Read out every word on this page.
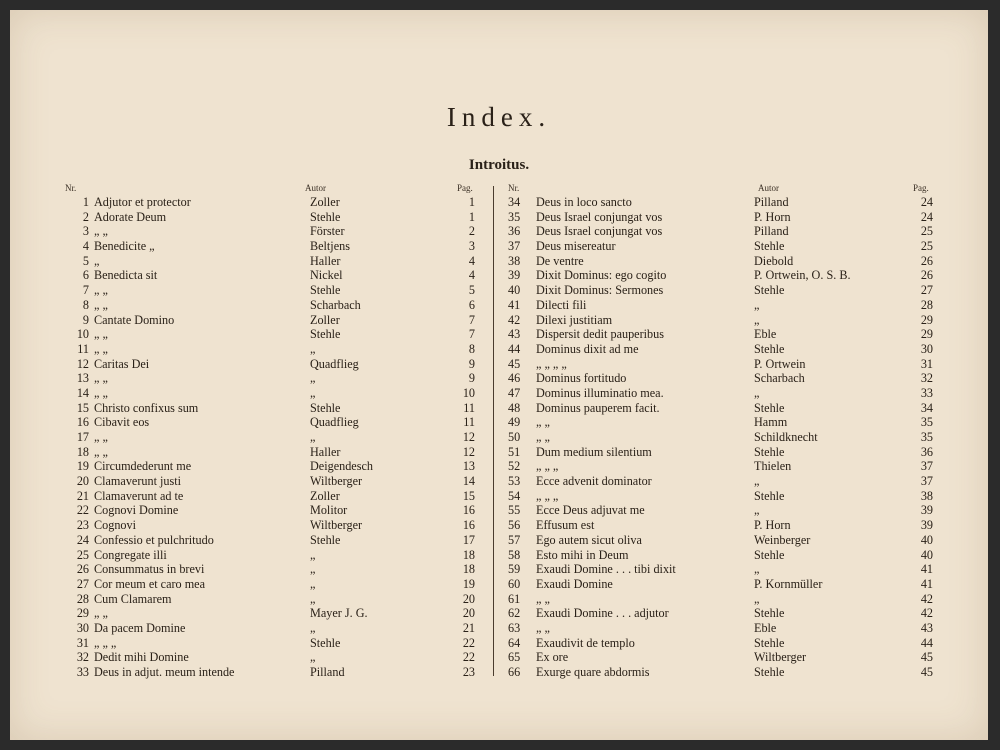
Index.
Introitus.
Nr.	Autor	Pag.
1 Adjutor et protector	Zoller	1
2 Adorate Deum	Stehle	1
3 „ „	Förster	2
4 Benedicite „	Beltjens	3
5 „	Haller	4
6 Benedicta sit	Nickel	4
7 „ „	Stehle	5
8 „ „	Scharbach	6
9 Cantate Domino	Zoller	7
10 „ „	Stehle	7
11 „ „	„	8
12 Caritas Dei	Quadflieg	9
13 „ „	„	9
14 „ „	„	10
15 Christo confixus sum	Stehle	11
16 Cibavit eos	Quadflieg	11
17 „ „	„	12
18 „ „	Haller	12
19 Circumdederunt me	Deigendesch	13
20 Clamaverunt justi	Wiltberger	14
21 Clamaverunt ad te	Zoller	15
22 Cognovi Domine	Molitor	16
23 Cognovi	Wiltberger	16
24 Confessio et pulchritudo	Stehle	17
25 Congregate illi	„	18
26 Consummatus in brevi	„	18
27 Cor meum et caro mea	„	19
28 Cum Clamarem	„	20
29 „ „	Mayer J. G.	20
30 Da pacem Domine	„	21
31 „ „ „	Stehle	22
32 Dedit mihi Domine	„	22
33 Deus in adjut. meum intende	Pilland	23
Nr.	Autor	Pag.
34	Deus in loco sancto	Pilland	24
35	Deus Israel conjungat vos	P. Horn	24
36	Deus Israel conjungat vos	Pilland	25
37	Deus misereatur	Stehle	25
38	De ventre	Diebold	26
39	Dixit Dominus: ego cogito	P. Ortwein, O. S. B.	26
40	Dixit Dominus: Sermones	Stehle	27
41	Dilecti fili	„	28
42	Dilexi justitiam	„	29
43	Dispersit dedit pauperibus	Eble	29
44	Dominus dixit ad me	Stehle	30
45	„ „ „ „	P. Ortwein	31
46	Dominus fortitudo	Scharbach	32
47	Dominus illuminatio mea.	„	33
48	Dominus pauperem facit.	Stehle	34
49	„ „	Hamm	35
50	„ „	Schildknecht	35
51	Dum medium silentium	Stehle	36
52	„ „ „	Thielen	37
53	Ecce advenit dominator	„	37
54	„ „ „	Stehle	38
55	Ecce Deus adjuvat me	„	39
56	Effusum est	P. Horn	39
57	Ego autem sicut oliva	Weinberger	40
58	Esto mihi in Deum	Stehle	40
59	Exaudi Domine . . . tibi dixit	„	41
60	Exaudi Domine	P. Kornmüller	41
61	„ „	„	42
62	Exaudi Domine . . . adjutor	Stehle	42
63	„ „	Eble	43
64	Exaudivit de templo	Stehle	44
65	Ex ore	Wiltberger	45
66	Exurge quare abdormis	Stehle	45
